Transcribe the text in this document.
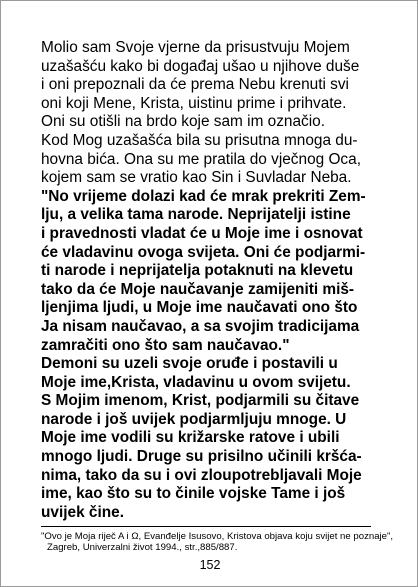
Molio sam Svoje vjerne da prisustvuju Mojem
uzašašću kako bi događaj ušao u njihove duše
i oni prepoznali da će prema Nebu krenuti svi
oni koji Mene, Krista, uistinu prime i prihvate.
Oni su otišli na brdo koje sam im označio.
Kod Mog uzašašća bila su prisutna mnoga du-
hovna bića. Ona su me pratila do vječnog Oca,
kojem sam se vratio kao Sin i Suvladar Neba.
"No vrijeme dolazi kad će mrak prekriti Zem-
lju, a velika tama narode. Neprijatelji istine
i pravednosti vladat će u Moje ime i osnovat
će vladavinu ovoga svijeta. Oni će podjarmi-
ti narode i neprijatelja potaknuti na klevetu
tako da će Moje naučavanje zamijeniti miš-
ljenjima ljudi, u Moje ime naučavati ono što
Ja nisam naučavao, a sa svojim tradicijama
zamračiti ono što sam naučavao."
Demoni su uzeli svoje oruđe i postavili u
Moje ime,Krista, vladavinu u ovom svijetu.
S Mojim imenom, Krist, podjarmili su čitave
narode i još uvijek podjarmljuju mnoge. U
Moje ime vodili su križarske ratove i ubili
mnogo ljudi. Druge su prisilno učinili kršća-
nima, tako da su i ovi zloupotrebljavali Moje
ime, kao što su to činile vojske Tame i još
uvijek čine.
"Ovo je Moja riječ A i Ω, Evanđelje Isusovo, Kristova objava koju svijet ne poznaje",
Zagreb, Univerzalni život 1994., str.,885/887.
152
